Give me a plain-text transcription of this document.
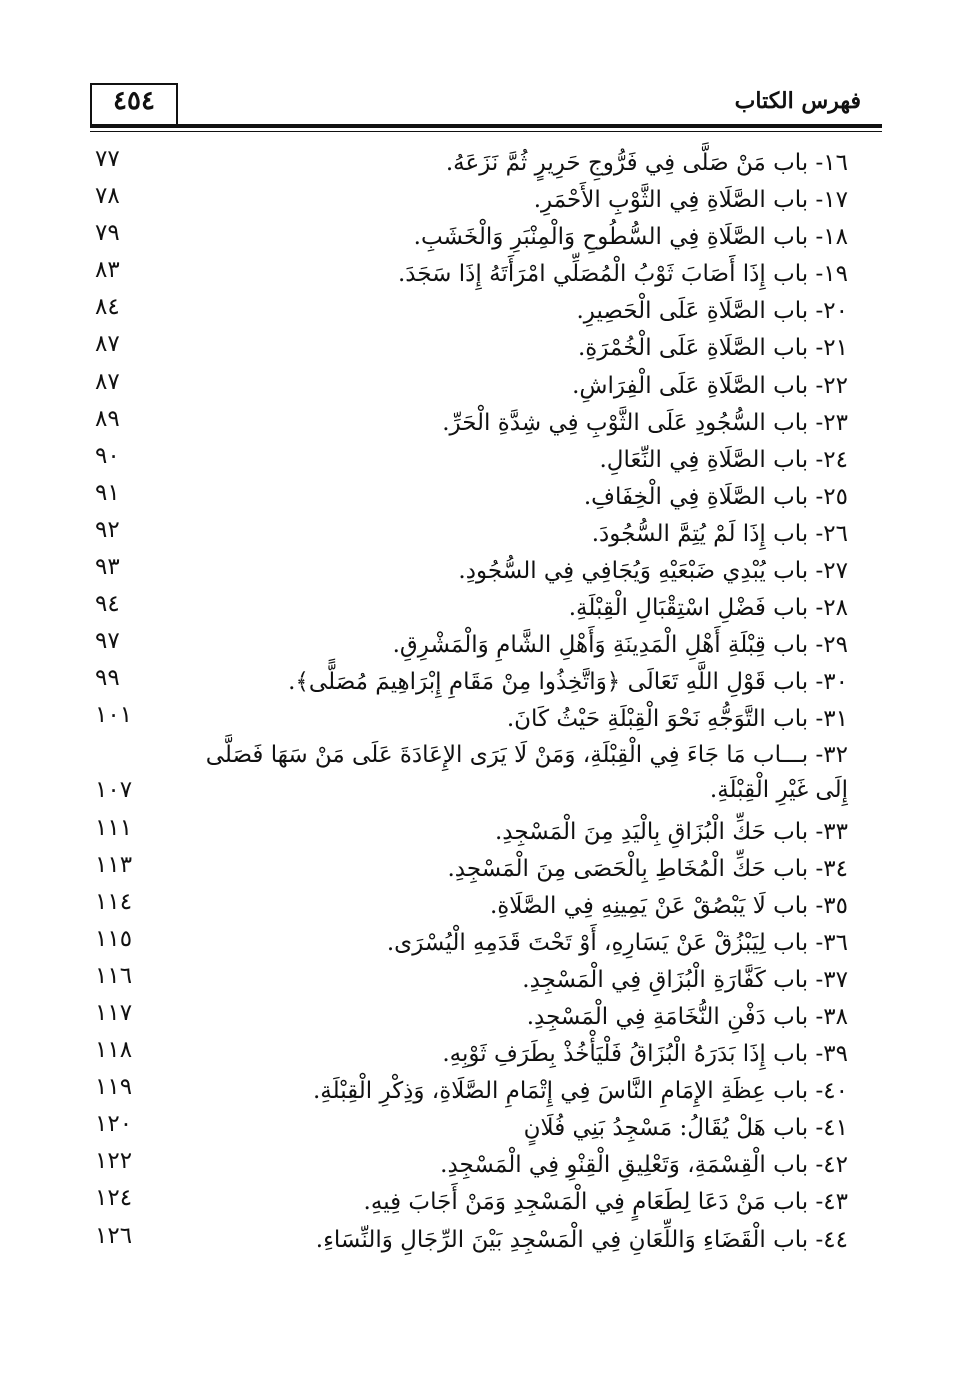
٤٥٤	فهرس الكتاب
١٦- باب مَنْ صَلَّى فِي فَرُّوجِ حَرِيرٍ ثُمَّ نَزَعَهُ.
٧٧
١٧- باب الصَّلَاةِ فِي الثَّوْبِ الأَحْمَرِ.
٧٨
١٨- باب الصَّلَاةِ فِي السُّطُوحِ وَالْمِنْبَرِ وَالْخَشَبِ.
٧٩
١٩- باب إِذَا أَصَابَ ثَوْبُ الْمُصَلِّي امْرَأَتَهُ إِذَا سَجَدَ.
٨٣
٢٠- باب الصَّلَاةِ عَلَى الْحَصِيرِ.
٨٤
٢١- باب الصَّلَاةِ عَلَى الْخُمْرَةِ.
٨٧
٢٢- باب الصَّلَاةِ عَلَى الْفِرَاشِ.
٨٧
٢٣- باب السُّجُودِ عَلَى الثَّوْبِ فِي شِدَّةِ الْحَرِّ.
٨٩
٢٤- باب الصَّلَاةِ فِي النِّعَالِ.
٩٠
٢٥- باب الصَّلَاةِ فِي الْخِفَافِ.
٩١
٢٦- باب إِذَا لَمْ يُتِمَّ السُّجُودَ.
٩٢
٢٧- باب يُبْدِي ضَبْعَيْهِ وَيُجَافِي فِي السُّجُودِ.
٩٣
٢٨- باب فَضْلِ اسْتِقْبَالِ الْقِبْلَةِ.
٩٤
٢٩- باب قِبْلَةِ أَهْلِ الْمَدِينَةِ وَأَهْلِ الشَّامِ وَالْمَشْرِقِ.
٩٧
٣٠- باب قَوْلِ اللَّهِ تَعَالَى ﴿وَاتَّخِذُوا مِنْ مَقَامِ إِبْرَاهِيمَ مُصَلًّى﴾.
٩٩
٣١- باب التَّوَجُّهِ نَحْوَ الْقِبْلَةِ حَيْثُ كَانَ.
١٠١
٣٢- بـــاب مَا جَاءَ فِي الْقِبْلَةِ، وَمَنْ لَا يَرَى الإِعَادَةَ عَلَى مَنْ سَهَا فَصَلَّى إِلَى غَيْرِ الْقِبْلَةِ.
١٠٧
٣٣- باب حَكِّ الْبُزَاقِ بِالْيَدِ مِنَ الْمَسْجِدِ.
١١١
٣٤- باب حَكِّ الْمُخَاطِ بِالْحَصَى مِنَ الْمَسْجِدِ.
١١٣
٣٥- باب لَا يَبْصُقْ عَنْ يَمِينِهِ فِي الصَّلَاةِ.
١١٤
٣٦- باب لِيَبْزُقْ عَنْ يَسَارِهِ، أَوْ تَحْتَ قَدَمِهِ الْيُسْرَى.
١١٥
٣٧- باب كَفَّارَةِ الْبُزَاقِ فِي الْمَسْجِدِ.
١١٦
٣٨- باب دَفْنِ النُّخَامَةِ فِي الْمَسْجِدِ.
١١٧
٣٩- باب إِذَا بَدَرَهُ الْبُزَاقُ فَلْيَأْخُذْ بِطَرَفِ ثَوْبِهِ.
١١٨
٤٠- باب عِظَةِ الإِمَامِ النَّاسَ فِي إِتْمَامِ الصَّلَاةِ، وَذِكْرِ الْقِبْلَةِ.
١١٩
٤١- باب هَلْ يُقَالُ: مَسْجِدُ بَنِي فُلَانٍ
١٢٠
٤٢- باب الْقِسْمَةِ، وَتَعْلِيقِ الْقِنْوِ فِي الْمَسْجِدِ.
١٢٢
٤٣- باب مَنْ دَعَا لِطَعَامٍ فِي الْمَسْجِدِ وَمَنْ أَجَابَ فِيهِ.
١٢٤
٤٤- باب الْقَضَاءِ وَاللِّعَانِ فِي الْمَسْجِدِ بَيْنَ الرِّجَالِ وَالنِّسَاءِ.
١٢٦
